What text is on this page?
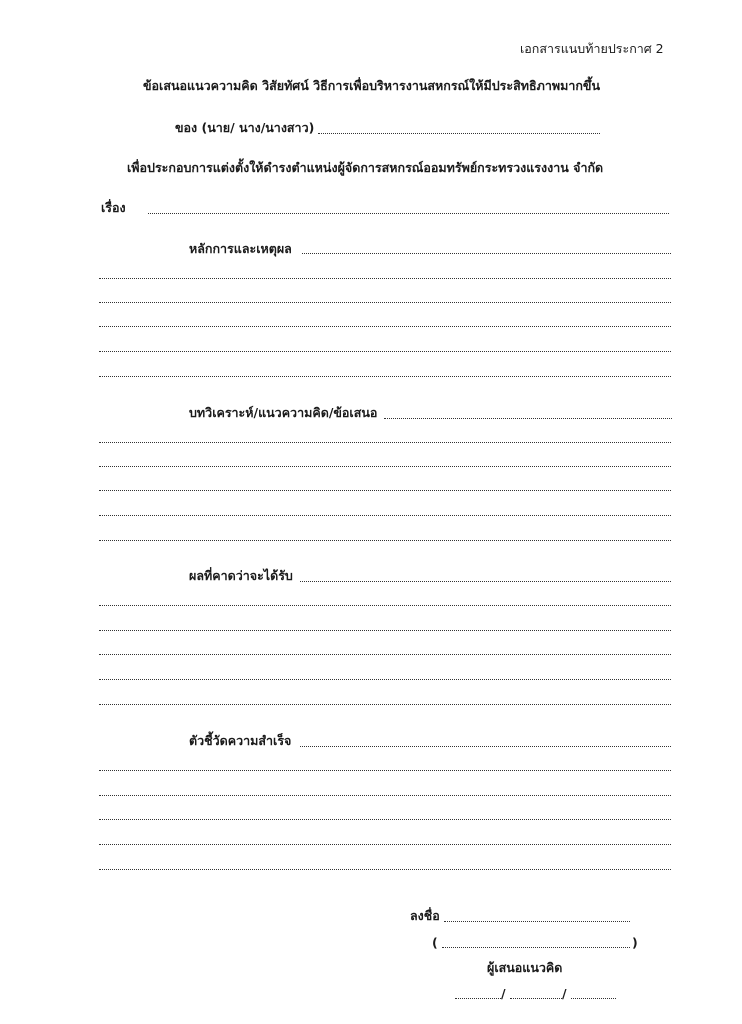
เอกสารแนบท้ายประกาศ 2
ข้อเสนอแนวความคิด วิสัยทัศน์ วิธีการเพื่อบริหารงานสหกรณ์ให้มีประสิทธิภาพมากขึ้น
ของ (นาย/ นาง/นางสาว)
เพื่อประกอบการแต่งตั้งให้ดำรงตำแหน่งผู้จัดการสหกรณ์ออมทรัพย์กระทรวงแรงงาน จำกัด
เรื่อง
หลักการและเหตุผล
บทวิเคราะห์/แนวความคิด/ข้อเสนอ
ผลที่คาดว่าจะได้รับ
ตัวชี้วัดความสำเร็จ
ลงชื่อ
(	)
ผู้เสนอแนวคิด
/	/
